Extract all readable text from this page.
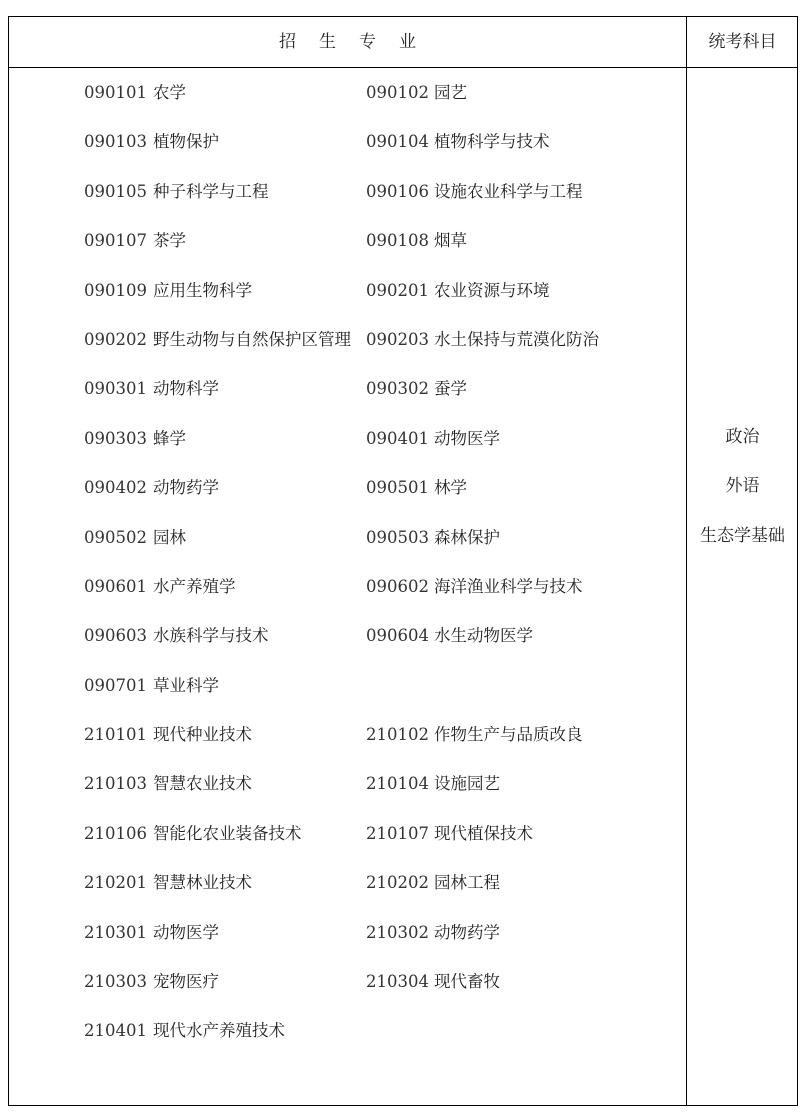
招生专业	统考科目
090101 农学	090102 园艺
090103 植物保护	090104 植物科学与技术
090105 种子科学与工程	090106 设施农业科学与工程
090107 茶学	090108 烟草
090109 应用生物科学	090201 农业资源与环境
090202 野生动物与自然保护区管理 090203 水土保持与荒漠化防治
090301 动物科学	090302 蚕学
090303 蜂学	090401 动物医学
090402 动物药学	090501 林学
090502 园林	090503 森林保护
090601 水产养殖学	090602 海洋渔业科学与技术
090603 水族科学与技术	090604 水生动物医学
090701 草业科学
210101 现代种业技术	210102 作物生产与品质改良
210103 智慧农业技术	210104 设施园艺
210106 智能化农业装备技术	210107 现代植保技术
210201 智慧林业技术	210202 园林工程
210301 动物医学	210302 动物药学
210303 宠物医疗	210304 现代畜牧
210401 现代水产养殖技术
政治
外语
生态学基础
